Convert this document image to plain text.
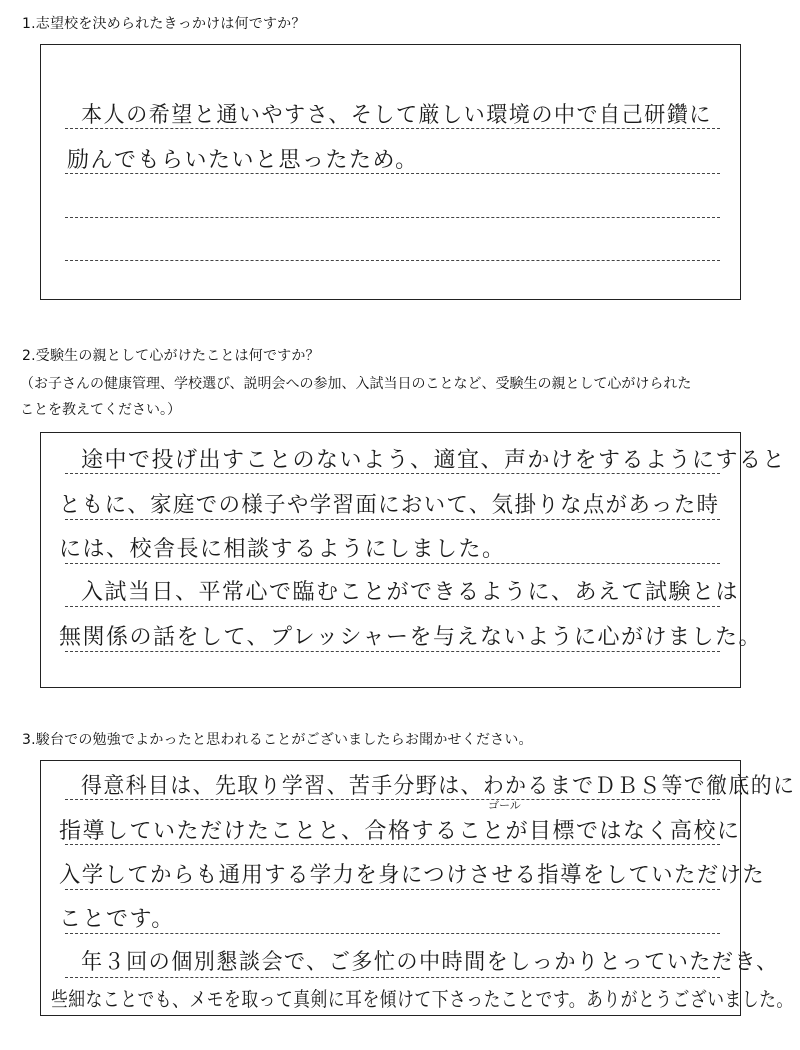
1.志望校を決められたきっかけは何ですか？
本人の希望と通いやすさ、そして厳しい環境の中で自己研鑽に
励んでもらいたいと思ったため。
2.受験生の親として心がけたことは何ですか？
（お子さんの健康管理、学校選び、説明会への参加、入試当日のことなど、受験生の親として心がけられた
ことを教えてください。）
途中で投げ出すことのないよう、適宜、声かけをするようにすると
ともに、家庭での様子や学習面において、気掛りな点があった時
には、校舎長に相談するようにしました。
入試当日、平常心で臨むことができるように、あえて試験とは
無関係の話をして、プレッシャーを与えないように心がけました。
3.駿台での勉強でよかったと思われることがございましたらお聞かせください。
得意科目は、先取り学習、苦手分野は、わかるまでＤＢＳ等で徹底的に
ゴール
指導していただけたことと、合格することが目標ではなく高校に
入学してからも通用する学力を身につけさせる指導をしていただけた
ことです。
年３回の個別懇談会で、ご多忙の中時間をしっかりとっていただき、
些細なことでも、メモを取って真剣に耳を傾けて下さったことです。ありがとうございました。
